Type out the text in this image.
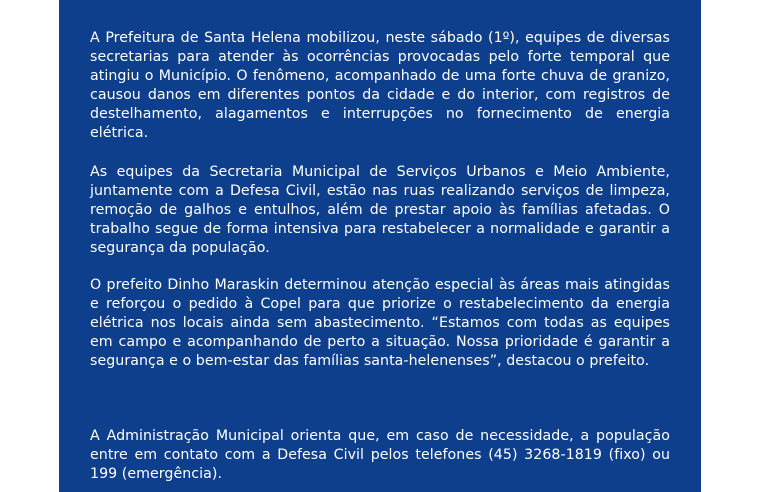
A Prefeitura de Santa Helena mobilizou, neste sábado (1º), equipes de diversas secretarias para atender às ocorrências provocadas pelo forte temporal que atingiu o Município. O fenômeno, acompanhado de uma forte chuva de granizo, causou danos em diferentes pontos da cidade e do interior, com registros de destelhamento, alagamentos e interrupções no fornecimento de energia elétrica.

As equipes da Secretaria Municipal de Serviços Urbanos e Meio Ambiente, juntamente com a Defesa Civil, estão nas ruas realizando serviços de limpeza, remoção de galhos e entulhos, além de prestar apoio às famílias afetadas. O trabalho segue de forma intensiva para restabelecer a normalidade e garantir a segurança da população.

O prefeito Dinho Maraskin determinou atenção especial às áreas mais atingidas e reforçou o pedido à Copel para que priorize o restabelecimento da energia elétrica nos locais ainda sem abastecimento. “Estamos com todas as equipes em campo e acompanhando de perto a situação. Nossa prioridade é garantir a segurança e o bem-estar das famílias santa-helenenses”, destacou o prefeito.

A Administração Municipal orienta que, em caso de necessidade, a população entre em contato com a Defesa Civil pelos telefones (45) 3268-1819 (fixo) ou 199 (emergência).
